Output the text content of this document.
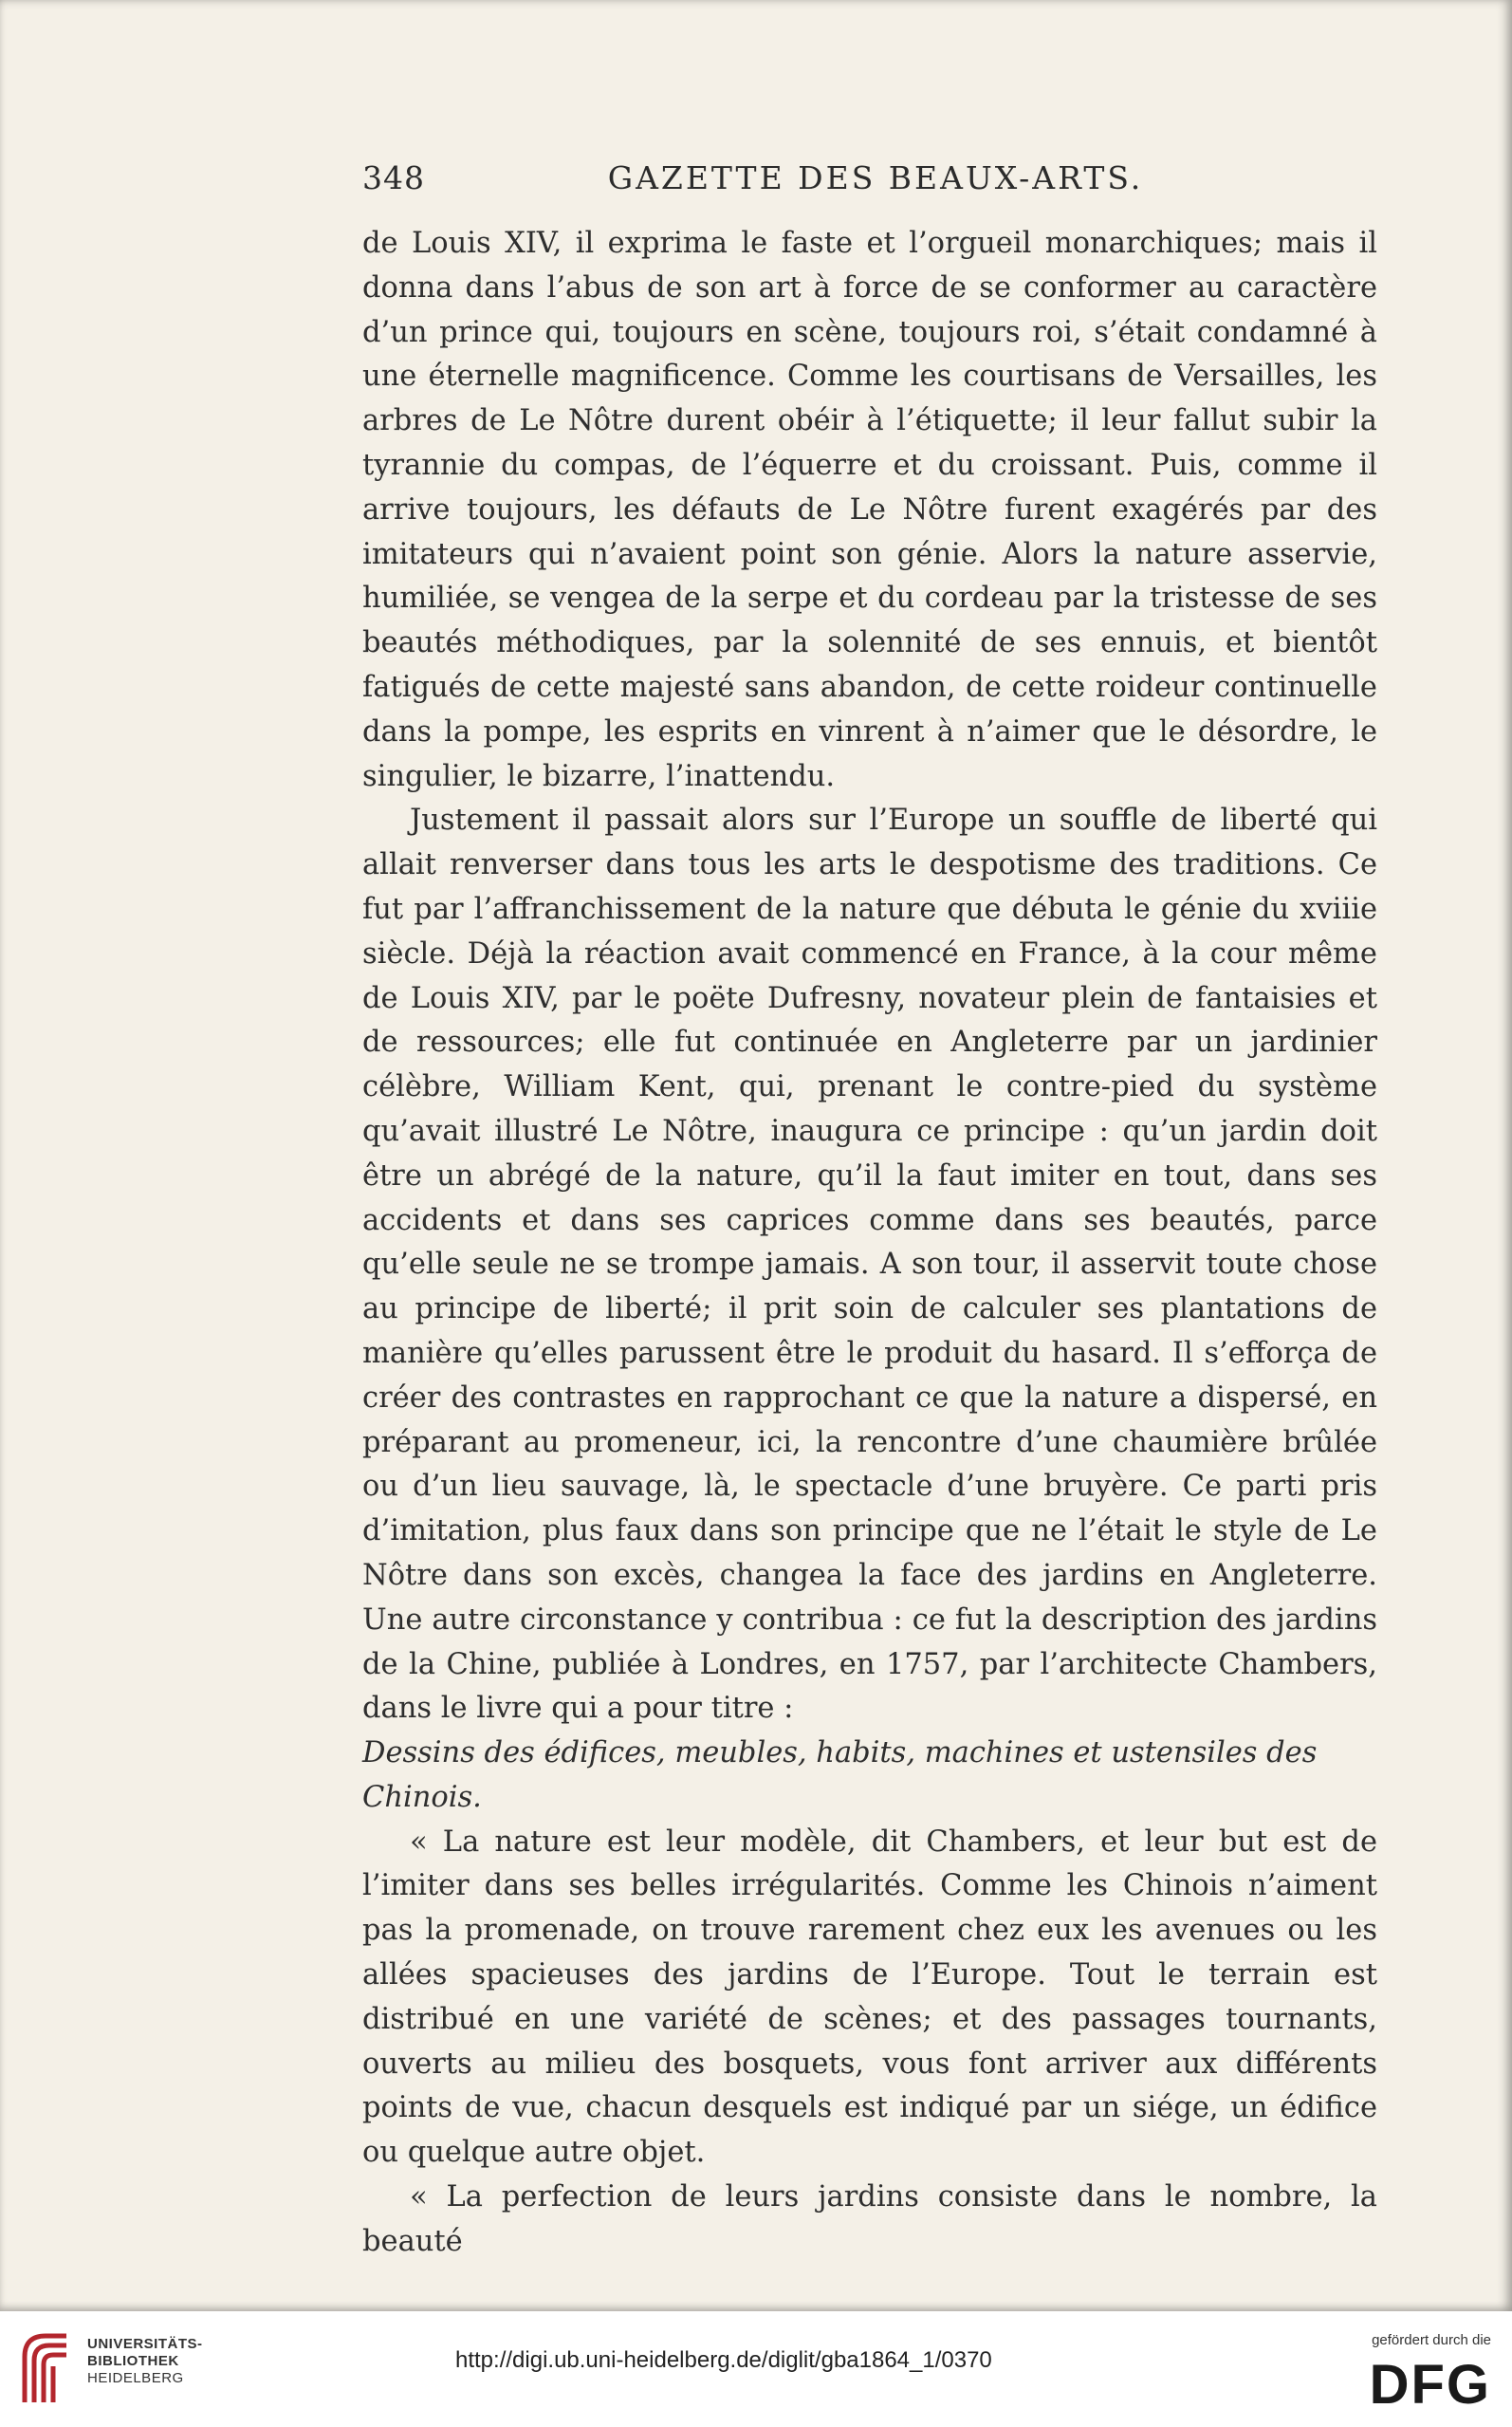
348	GAZETTE DES BEAUX-ARTS.

de Louis XIV, il exprima le faste et l’orgueil monarchiques; mais il donna dans l’abus de son art à force de se conformer au caractère d’un prince qui, toujours en scène, toujours roi, s’était condamné à une éternelle magnificence. Comme les courtisans de Versailles, les arbres de Le Nôtre durent obéir à l’étiquette; il leur fallut subir la tyrannie du compas, de l’équerre et du croissant. Puis, comme il arrive toujours, les défauts de Le Nôtre furent exagérés par des imitateurs qui n’avaient point son génie. Alors la nature asservie, humiliée, se vengea de la serpe et du cordeau par la tristesse de ses beautés méthodiques, par la solennité de ses ennuis, et bientôt fatigués de cette majesté sans abandon, de cette roideur continuelle dans la pompe, les esprits en vinrent à n’aimer que le désordre, le singulier, le bizarre, l’inattendu.

Justement il passait alors sur l’Europe un souffle de liberté qui allait renverser dans tous les arts le despotisme des traditions. Ce fut par l’affranchissement de la nature que débuta le génie du xviiie siècle. Déjà la réaction avait commencé en France, à la cour même de Louis XIV, par le poëte Dufresny, novateur plein de fantaisies et de ressources; elle fut continuée en Angleterre par un jardinier célèbre, William Kent, qui, prenant le contre-pied du système qu’avait illustré Le Nôtre, inaugura ce principe : qu’un jardin doit être un abrégé de la nature, qu’il la faut imiter en tout, dans ses accidents et dans ses caprices comme dans ses beautés, parce qu’elle seule ne se trompe jamais. A son tour, il asservit toute chose au principe de liberté; il prit soin de calculer ses plantations de manière qu’elles parussent être le produit du hasard. Il s’efforça de créer des contrastes en rapprochant ce que la nature a dispersé, en préparant au promeneur, ici, la rencontre d’une chaumière brûlée ou d’un lieu sauvage, là, le spectacle d’une bruyère. Ce parti pris d’imitation, plus faux dans son principe que ne l’était le style de Le Nôtre dans son excès, changea la face des jardins en Angleterre. Une autre circonstance y contribua : ce fut la description des jardins de la Chine, publiée à Londres, en 1757, par l’architecte Chambers, dans le livre qui a pour titre :

Dessins des édifices, meubles, habits, machines et ustensiles des Chinois.

« La nature est leur modèle, dit Chambers, et leur but est de l’imiter dans ses belles irrégularités. Comme les Chinois n’aiment pas la promenade, on trouve rarement chez eux les avenues ou les allées spacieuses des jardins de l’Europe. Tout le terrain est distribué en une variété de scènes; et des passages tournants, ouverts au milieu des bosquets, vous font arriver aux différents points de vue, chacun desquels est indiqué par un siége, un édifice ou quelque autre objet.

« La perfection de leurs jardins consiste dans le nombre, la beauté

UNIVERSITÄTS-
BIBLIOTHEK
HEIDELBERG
http://digi.ub.uni-heidelberg.de/diglit/gba1864_1/0370
gefördert durch die
DFG
